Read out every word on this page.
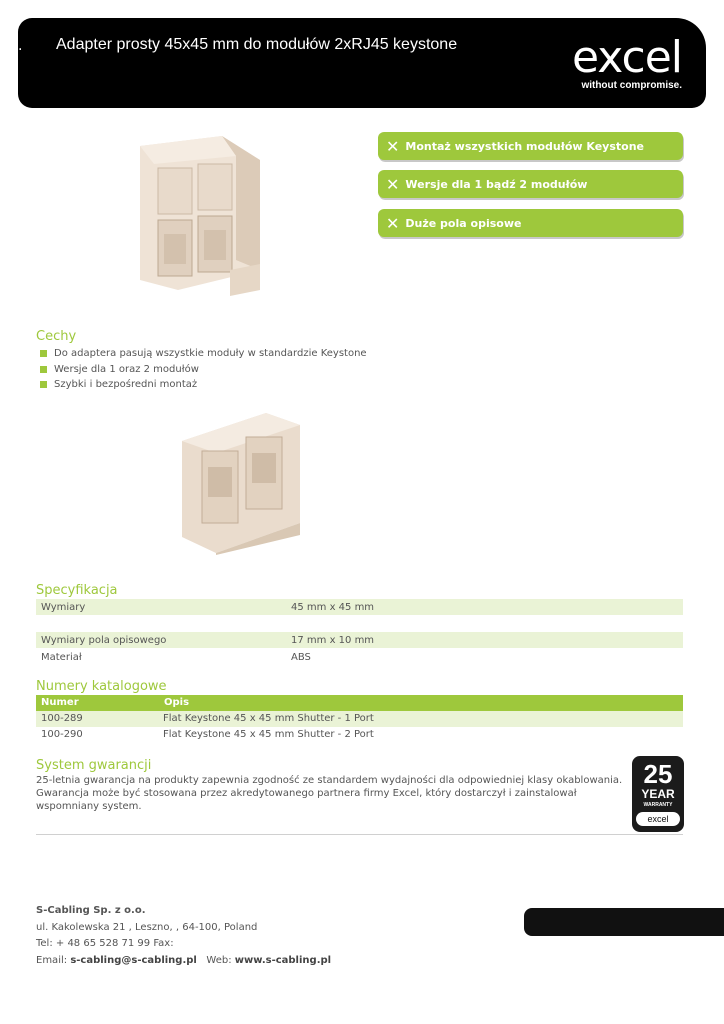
. Adapter prosty 45x45 mm do modułów 2xRJ45 keystone	excel
without compromise.
✕ Montaż wszystkich modułów Keystone
✕ Wersje dla 1 bądź 2 modułów
✕ Duże pola opisowe
Cechy
Do adaptera pasują wszystkie moduły w standardzie Keystone
Wersje dla 1 oraz 2 modułów
Szybki i bezpośredni montaż
Specyfikacja
Wymiary	45 mm x 45 mm
Wymiary pola opisowego	17 mm x 10 mm
Materiał	ABS
Numery katalogowe
Numer	Opis
100-289	Flat Keystone 45 x 45 mm Shutter - 1 Port
100-290	Flat Keystone 45 x 45 mm Shutter - 2 Port
System gwarancji
25-letnia gwarancja na produkty zapewnia zgodność ze standardem wydajności dla odpowiedniej klasy okablowania. Gwarancja może być stosowana przez akredytowanego partnera firmy Excel, który dostarczył i zainstalował wspomniany system.
25
YEAR
WARRANTY
excel
S-Cabling Sp. z o.o.
ul. Kakolewska 21 , Leszno, , 64-100, Poland
Tel: + 48 65 528 71 99 Fax:
Email: s-cabling@s-cabling.pl Web: www.s-cabling.pl
